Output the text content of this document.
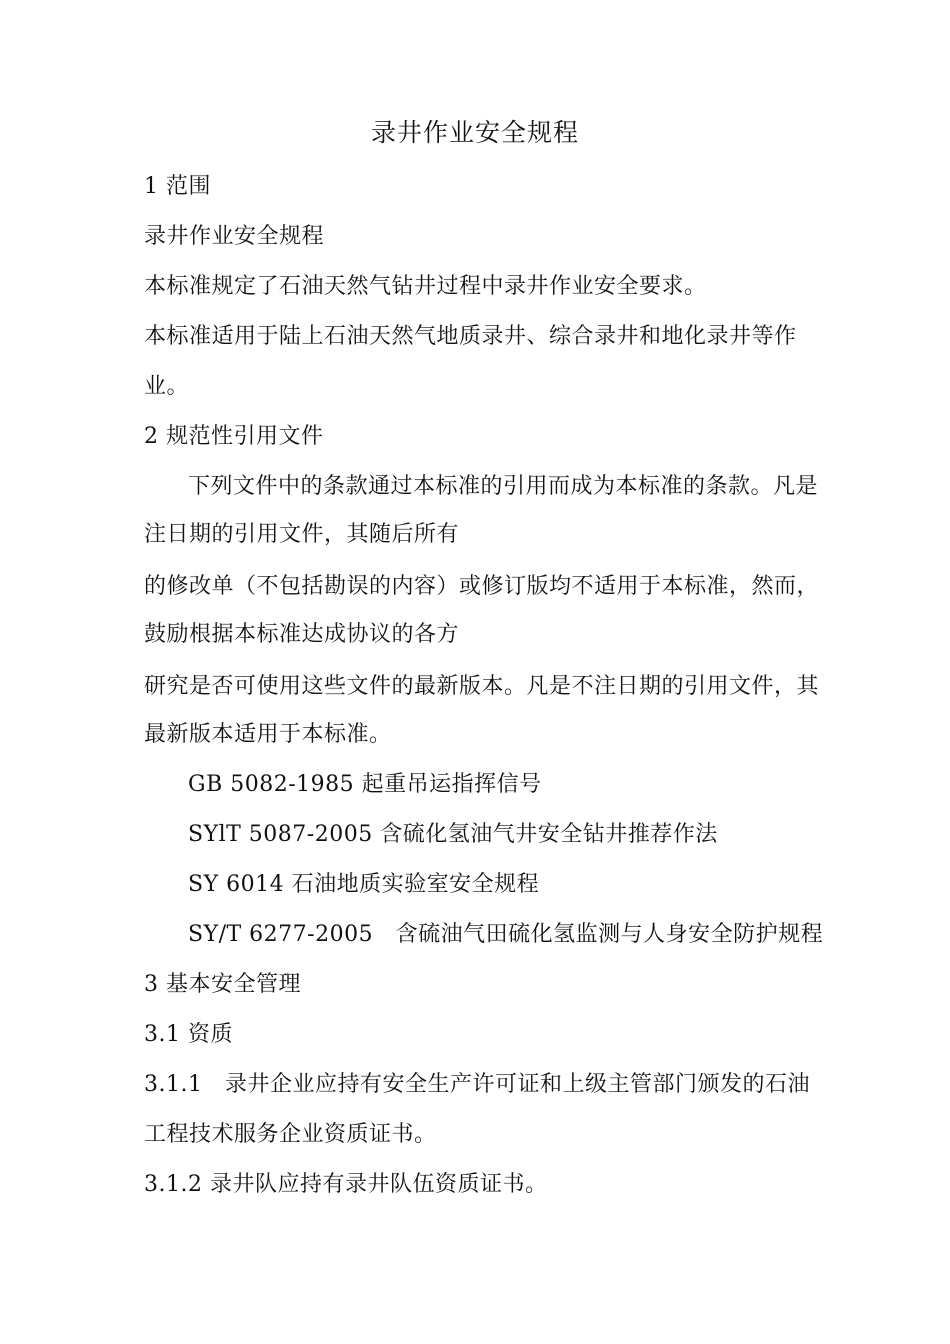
录井作业安全规程
1 范围
录井作业安全规程
本标准规定了石油天然气钻井过程中录井作业安全要求。
本标准适用于陆上石油天然气地质录井、综合录井和地化录井等作
业。
2 规范性引用文件
下列文件中的条款通过本标准的引用而成为本标准的条款。凡是
注日期的引用文件，其随后所有
的修改单（不包括勘误的内容）或修订版均不适用于本标准，然而，
鼓励根据本标准达成协议的各方
研究是否可使用这些文件的最新版本。凡是不注日期的引用文件，其
最新版本适用于本标准。
GB 5082-1985 起重吊运指挥信号
SYlT 5087-2005 含硫化氢油气井安全钻井推荐作法
SY 6014 石油地质实验室安全规程
SY/T 6277-2005　含硫油气田硫化氢监测与人身安全防护规程
3 基本安全管理
3.1 资质
3.1.1　录井企业应持有安全生产许可证和上级主管部门颁发的石油
工程技术服务企业资质证书。
3.1.2 录井队应持有录井队伍资质证书。
